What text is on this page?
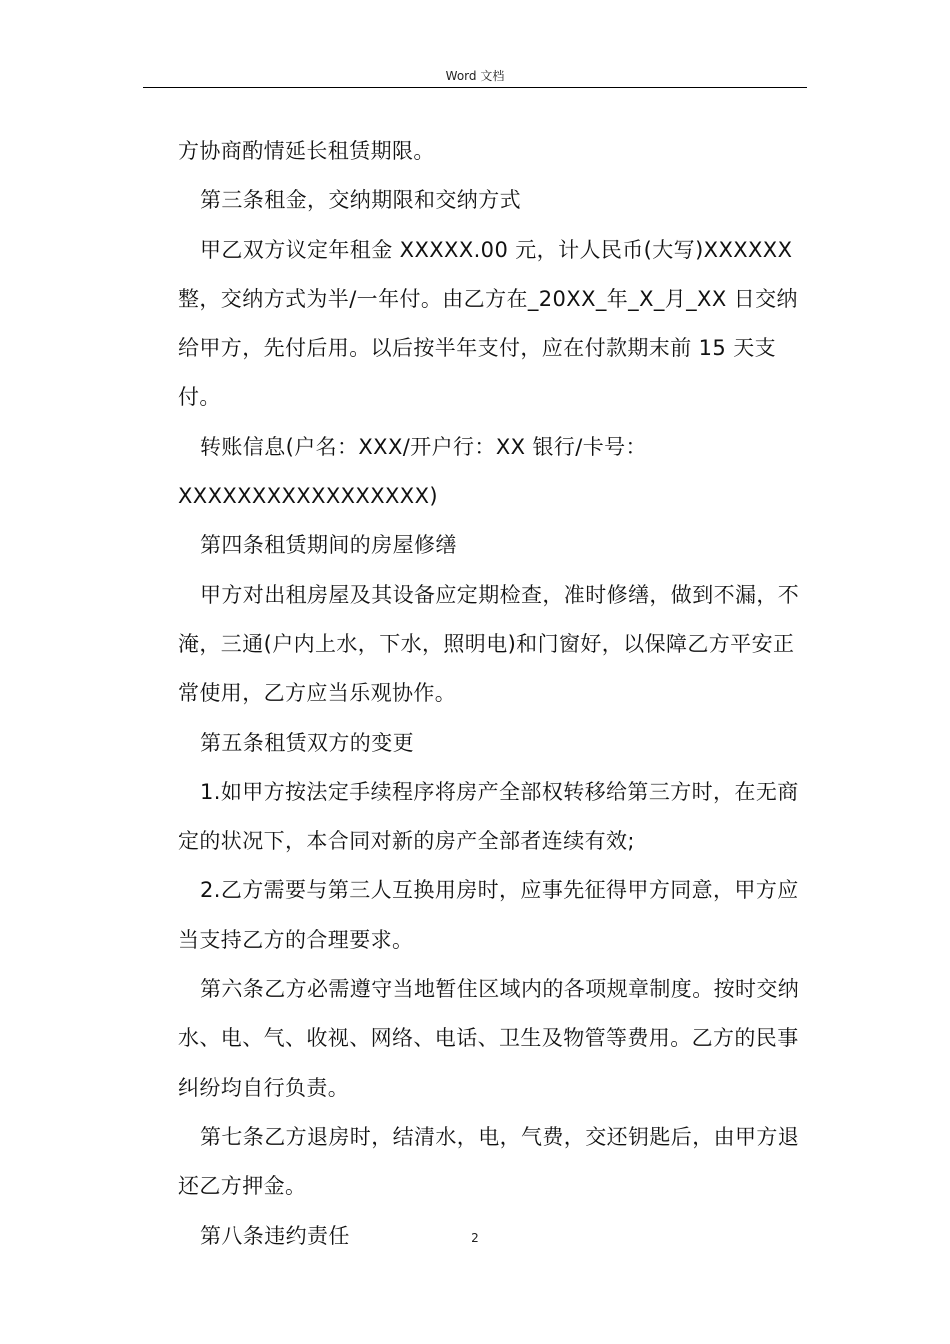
Word 文档

方协商酌情延长租赁期限。

第三条租金，交纳期限和交纳方式

甲乙双方议定年租金 XXXXX.00 元，计人民币(大写)XXXXXX 整，交纳方式为半/一年付。由乙方在_20XX_年_X_月_XX 日交纳给甲方，先付后用。以后按半年支付，应在付款期末前 15 天支付。

转账信息(户名：XXX/开户行：XX 银行/卡号：

XXXXXXXXXXXXXXXXX)

第四条租赁期间的房屋修缮

甲方对出租房屋及其设备应定期检查，准时修缮，做到不漏，不淹，三通(户内上水，下水，照明电)和门窗好，以保障乙方平安正常使用，乙方应当乐观协作。

第五条租赁双方的变更

1.如甲方按法定手续程序将房产全部权转移给第三方时，在无商定的状况下，本合同对新的房产全部者连续有效;

2.乙方需要与第三人互换用房时，应事先征得甲方同意，甲方应当支持乙方的合理要求。

第六条乙方必需遵守当地暂住区域内的各项规章制度。按时交纳水、电、气、收视、网络、电话、卫生及物管等费用。乙方的民事纠纷均自行负责。

第七条乙方退房时，结清水，电，气费，交还钥匙后，由甲方退还乙方押金。

第八条违约责任	2
